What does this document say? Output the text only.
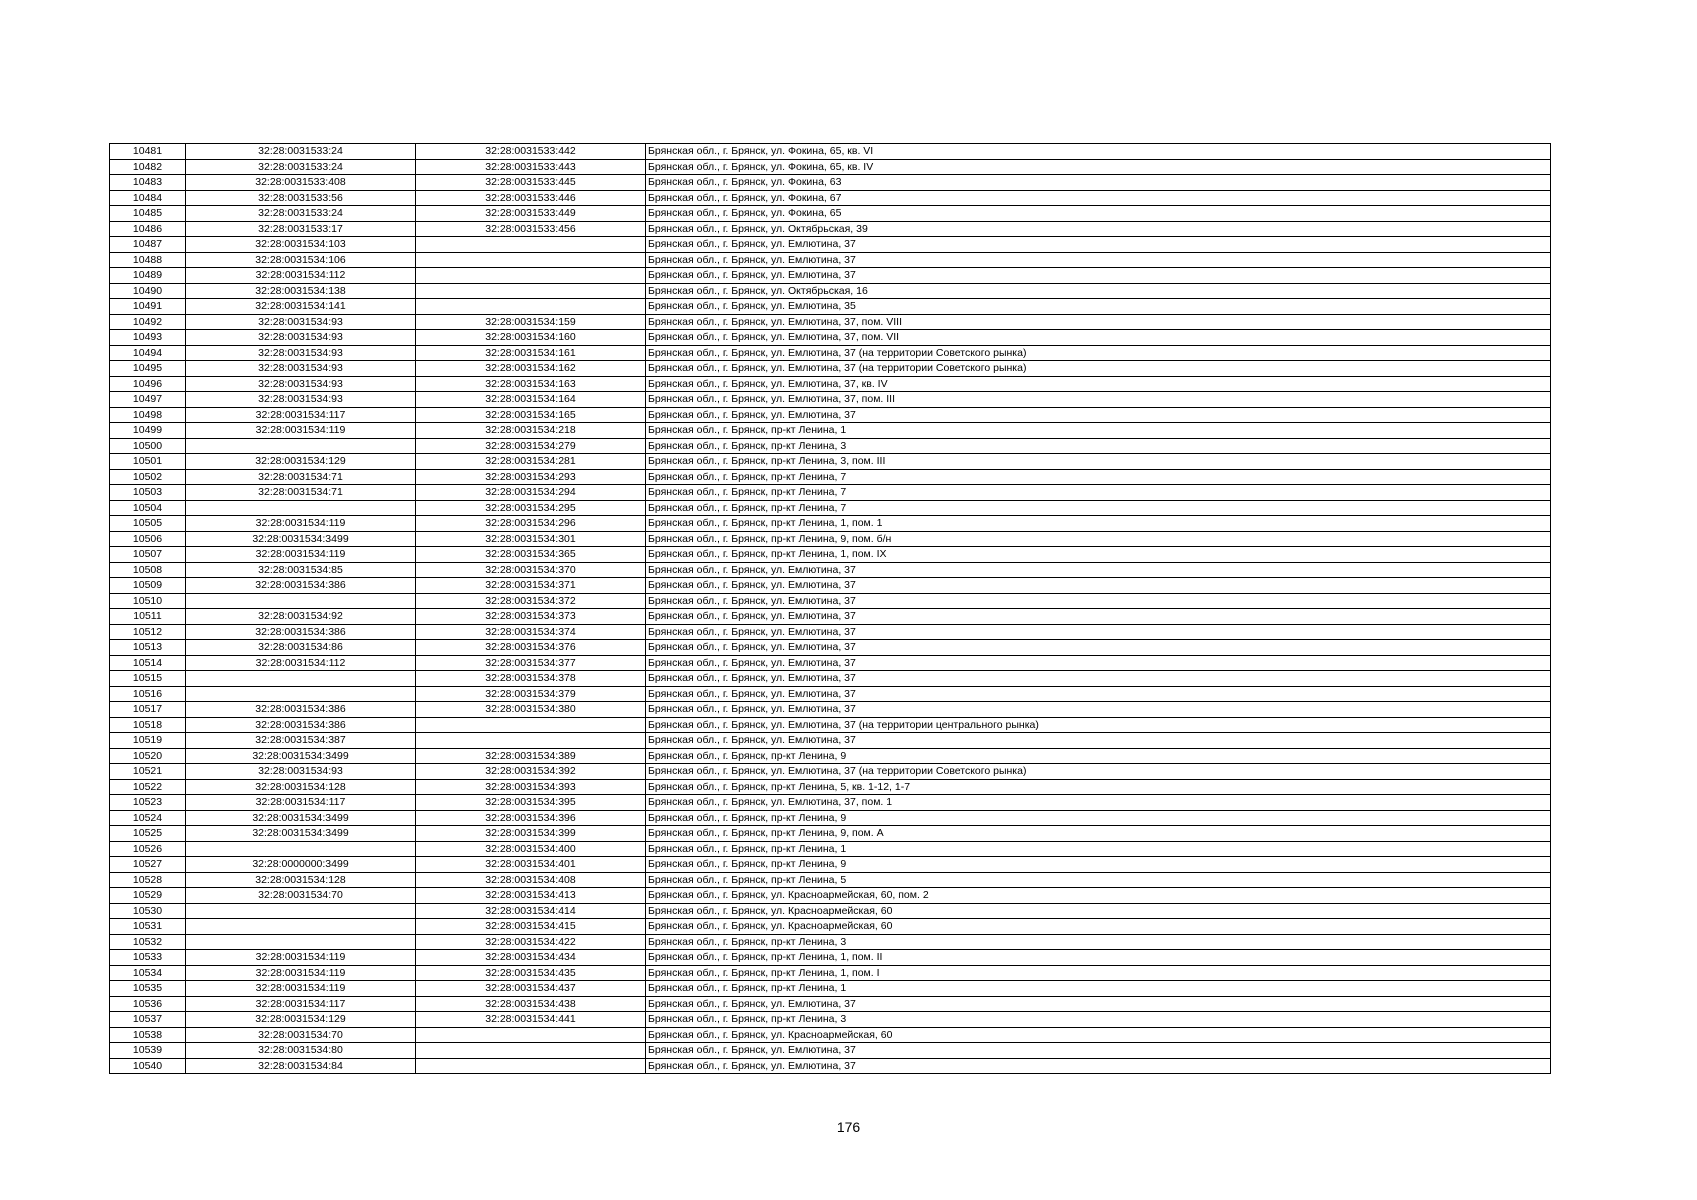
10481	32:28:0031533:24	32:28:0031533:442	Брянская обл., г. Брянск, ул. Фокина, 65, кв. VI
10482	32:28:0031533:24	32:28:0031533:443	Брянская обл., г. Брянск, ул. Фокина, 65, кв. IV
10483	32:28:0031533:408	32:28:0031533:445	Брянская обл., г. Брянск, ул. Фокина, 63
10484	32:28:0031533:56	32:28:0031533:446	Брянская обл., г. Брянск, ул. Фокина, 67
10485	32:28:0031533:24	32:28:0031533:449	Брянская обл., г. Брянск, ул. Фокина, 65
10486	32:28:0031533:17	32:28:0031533:456	Брянская обл., г. Брянск, ул. Октябрьская, 39
10487	32:28:0031534:103		Брянская обл., г. Брянск, ул. Емлютина, 37
10488	32:28:0031534:106		Брянская обл., г. Брянск, ул. Емлютина, 37
10489	32:28:0031534:112		Брянская обл., г. Брянск, ул. Емлютина, 37
10490	32:28:0031534:138		Брянская обл., г. Брянск, ул. Октябрьская, 16
10491	32:28:0031534:141		Брянская обл., г. Брянск, ул. Емлютина, 35
10492	32:28:0031534:93	32:28:0031534:159	Брянская обл., г. Брянск, ул. Емлютина, 37, пом. VIII
10493	32:28:0031534:93	32:28:0031534:160	Брянская обл., г. Брянск, ул. Емлютина, 37, пом. VII
10494	32:28:0031534:93	32:28:0031534:161	Брянская обл., г. Брянск, ул. Емлютина, 37 (на территории Советского рынка)
10495	32:28:0031534:93	32:28:0031534:162	Брянская обл., г. Брянск, ул. Емлютина, 37 (на территории Советского рынка)
10496	32:28:0031534:93	32:28:0031534:163	Брянская обл., г. Брянск, ул. Емлютина, 37, кв. IV
10497	32:28:0031534:93	32:28:0031534:164	Брянская обл., г. Брянск, ул. Емлютина, 37, пом. III
10498	32:28:0031534:117	32:28:0031534:165	Брянская обл., г. Брянск, ул. Емлютина, 37
10499	32:28:0031534:119	32:28:0031534:218	Брянская обл., г. Брянск, пр-кт Ленина, 1
10500		32:28:0031534:279	Брянская обл., г. Брянск, пр-кт Ленина, 3
10501	32:28:0031534:129	32:28:0031534:281	Брянская обл., г. Брянск, пр-кт Ленина, 3, пом. III
10502	32:28:0031534:71	32:28:0031534:293	Брянская обл., г. Брянск, пр-кт Ленина, 7
10503	32:28:0031534:71	32:28:0031534:294	Брянская обл., г. Брянск, пр-кт Ленина, 7
10504		32:28:0031534:295	Брянская обл., г. Брянск, пр-кт Ленина, 7
10505	32:28:0031534:119	32:28:0031534:296	Брянская обл., г. Брянск, пр-кт Ленина, 1, пом. 1
10506	32:28:0031534:3499	32:28:0031534:301	Брянская обл., г. Брянск, пр-кт Ленина, 9, пом. б/н
10507	32:28:0031534:119	32:28:0031534:365	Брянская обл., г. Брянск, пр-кт Ленина, 1, пом. IX
10508	32:28:0031534:85	32:28:0031534:370	Брянская обл., г. Брянск, ул. Емлютина, 37
10509	32:28:0031534:386	32:28:0031534:371	Брянская обл., г. Брянск, ул. Емлютина, 37
10510		32:28:0031534:372	Брянская обл., г. Брянск, ул. Емлютина, 37
10511	32:28:0031534:92	32:28:0031534:373	Брянская обл., г. Брянск, ул. Емлютина, 37
10512	32:28:0031534:386	32:28:0031534:374	Брянская обл., г. Брянск, ул. Емлютина, 37
10513	32:28:0031534:86	32:28:0031534:376	Брянская обл., г. Брянск, ул. Емлютина, 37
10514	32:28:0031534:112	32:28:0031534:377	Брянская обл., г. Брянск, ул. Емлютина, 37
10515		32:28:0031534:378	Брянская обл., г. Брянск, ул. Емлютина, 37
10516		32:28:0031534:379	Брянская обл., г. Брянск, ул. Емлютина, 37
10517	32:28:0031534:386	32:28:0031534:380	Брянская обл., г. Брянск, ул. Емлютина, 37
10518	32:28:0031534:386		Брянская обл., г. Брянск, ул. Емлютина, 37 (на территории центрального рынка)
10519	32:28:0031534:387		Брянская обл., г. Брянск, ул. Емлютина, 37
10520	32:28:0031534:3499	32:28:0031534:389	Брянская обл., г. Брянск, пр-кт Ленина, 9
10521	32:28:0031534:93	32:28:0031534:392	Брянская обл., г. Брянск, ул. Емлютина, 37 (на территории Советского рынка)
10522	32:28:0031534:128	32:28:0031534:393	Брянская обл., г. Брянск, пр-кт Ленина, 5, кв. 1-12, 1-7
10523	32:28:0031534:117	32:28:0031534:395	Брянская обл., г. Брянск, ул. Емлютина, 37, пом. 1
10524	32:28:0031534:3499	32:28:0031534:396	Брянская обл., г. Брянск, пр-кт Ленина, 9
10525	32:28:0031534:3499	32:28:0031534:399	Брянская обл., г. Брянск, пр-кт Ленина, 9, пом. А
10526		32:28:0031534:400	Брянская обл., г. Брянск, пр-кт Ленина, 1
10527	32:28:0000000:3499	32:28:0031534:401	Брянская обл., г. Брянск, пр-кт Ленина, 9
10528	32:28:0031534:128	32:28:0031534:408	Брянская обл., г. Брянск, пр-кт Ленина, 5
10529	32:28:0031534:70	32:28:0031534:413	Брянская обл., г. Брянск, ул. Красноармейская, 60, пом. 2
10530		32:28:0031534:414	Брянская обл., г. Брянск, ул. Красноармейская, 60
10531		32:28:0031534:415	Брянская обл., г. Брянск, ул. Красноармейская, 60
10532		32:28:0031534:422	Брянская обл., г. Брянск, пр-кт Ленина, 3
10533	32:28:0031534:119	32:28:0031534:434	Брянская обл., г. Брянск, пр-кт Ленина, 1, пом. II
10534	32:28:0031534:119	32:28:0031534:435	Брянская обл., г. Брянск, пр-кт Ленина, 1, пом. I
10535	32:28:0031534:119	32:28:0031534:437	Брянская обл., г. Брянск, пр-кт Ленина, 1
10536	32:28:0031534:117	32:28:0031534:438	Брянская обл., г. Брянск, ул. Емлютина, 37
10537	32:28:0031534:129	32:28:0031534:441	Брянская обл., г. Брянск, пр-кт Ленина, 3
10538	32:28:0031534:70		Брянская обл., г. Брянск, ул. Красноармейская, 60
10539	32:28:0031534:80		Брянская обл., г. Брянск, ул. Емлютина, 37
10540	32:28:0031534:84		Брянская обл., г. Брянск, ул. Емлютина, 37
176
